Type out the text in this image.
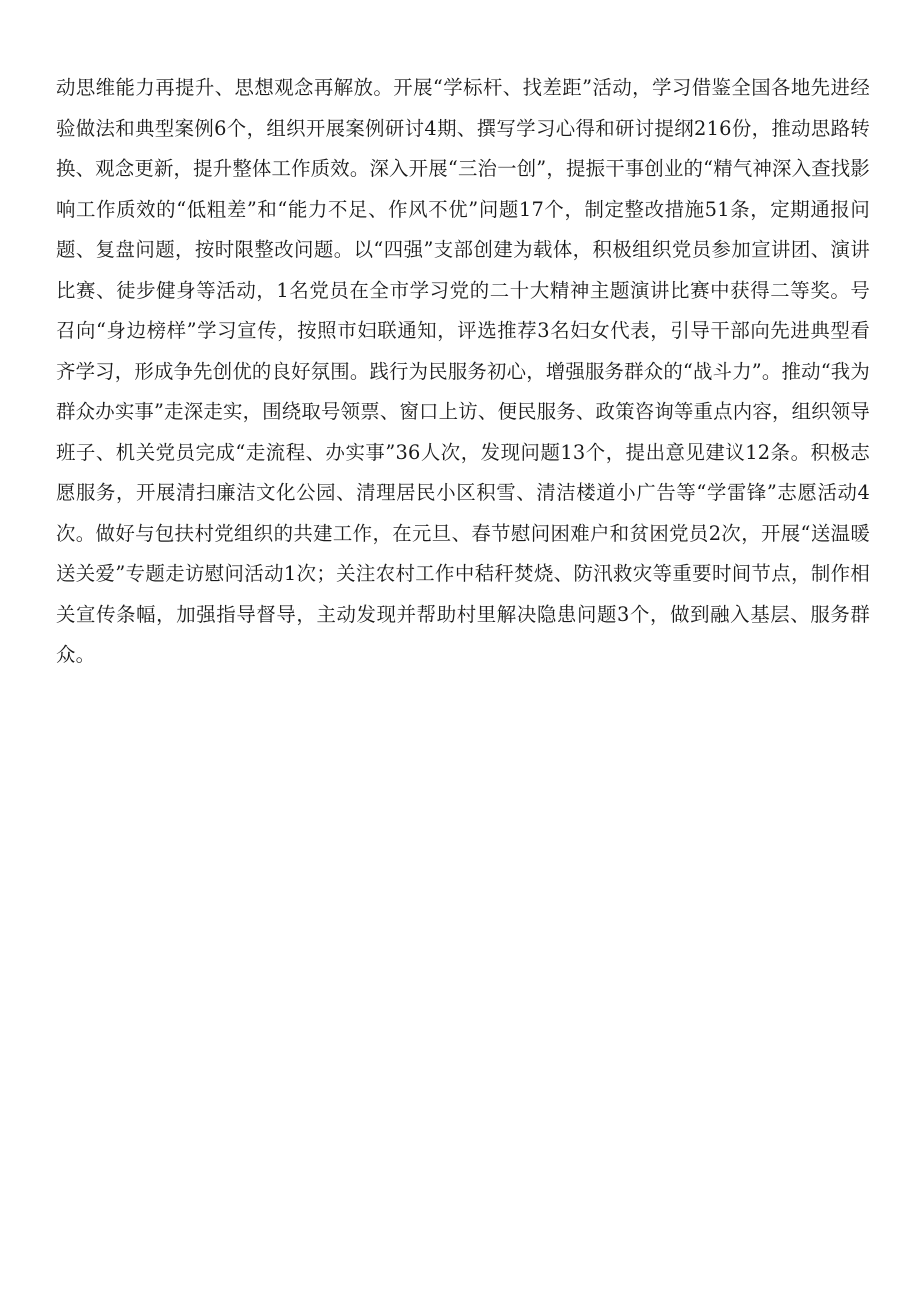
动思维能力再提升、思想观念再解放。开展“学标杆、找差距”活动，学习借鉴全国各地先进经验做法和典型案例6个，组织开展案例研讨4期、撰写学习心得和研讨提纲216份，推动思路转换、观念更新，提升整体工作质效。深入开展“三治一创”，提振干事创业的“精气神深入查找影响工作质效的“低粗差”和“能力不足、作风不优”问题17个，制定整改措施51条，定期通报问题、复盘问题，按时限整改问题。以“四强”支部创建为载体，积极组织党员参加宣讲团、演讲比赛、徒步健身等活动，1名党员在全市学习党的二十大精神主题演讲比赛中获得二等奖。号召向“身边榜样”学习宣传，按照市妇联通知，评选推荐3名妇女代表，引导干部向先进典型看齐学习，形成争先创优的良好氛围。践行为民服务初心，增强服务群众的“战斗力”。推动“我为群众办实事”走深走实，围绕取号领票、窗口上访、便民服务、政策咨询等重点内容，组织领导班子、机关党员完成“走流程、办实事”36人次，发现问题13个，提出意见建议12条。积极志愿服务，开展清扫廉洁文化公园、清理居民小区积雪、清洁楼道小广告等“学雷锋”志愿活动4次。做好与包扶村党组织的共建工作，在元旦、春节慰问困难户和贫困党员2次，开展“送温暖送关爱”专题走访慰问活动1次；关注农村工作中秸秆焚烧、防汛救灾等重要时间节点，制作相关宣传条幅，加强指导督导，主动发现并帮助村里解决隐患问题3个，做到融入基层、服务群众。
